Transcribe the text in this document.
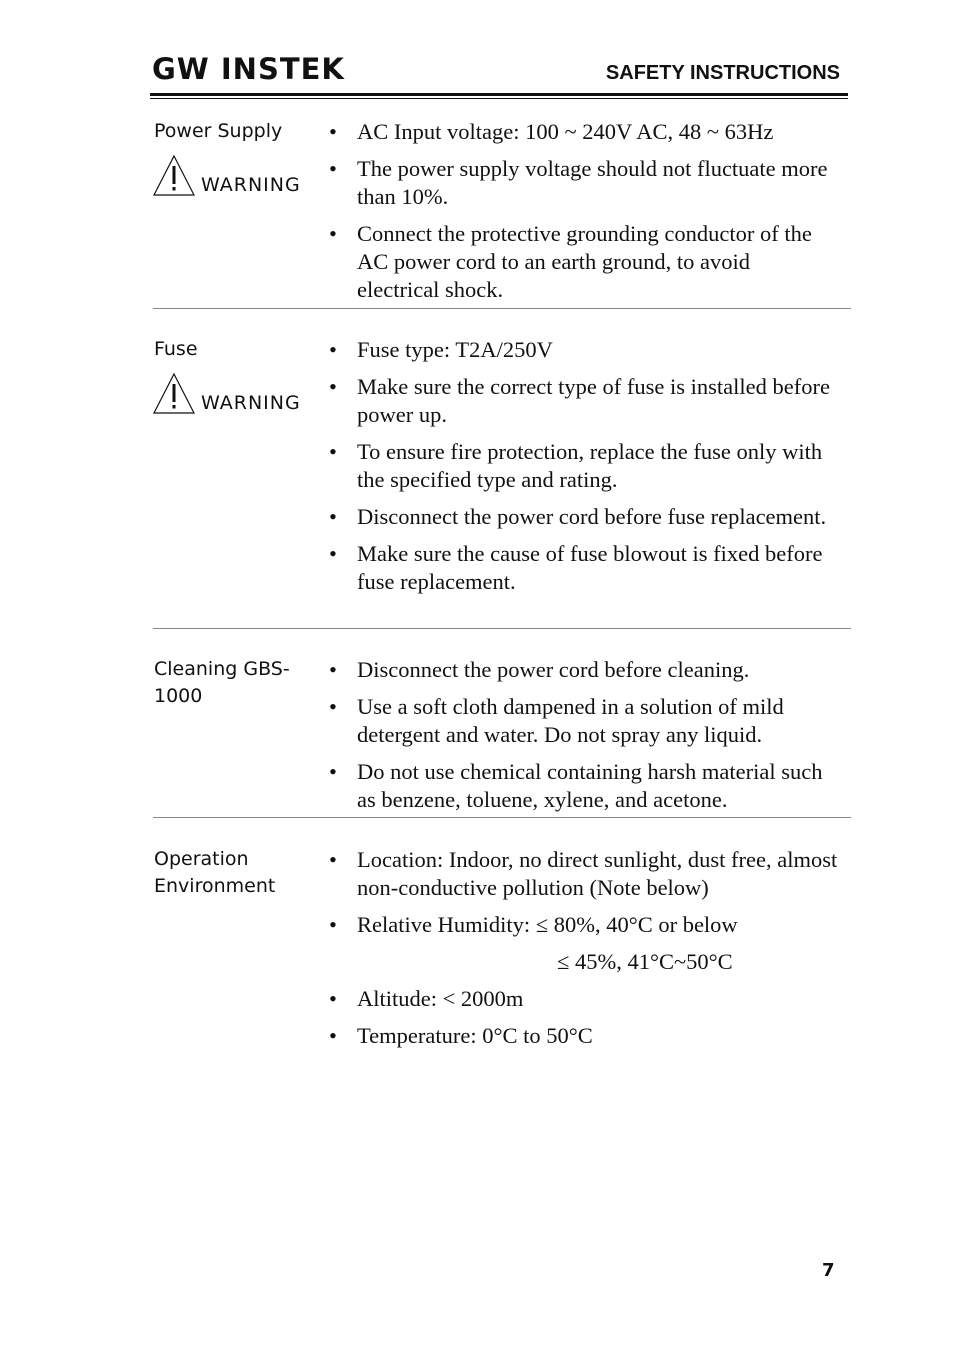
GW INSTEK	SAFETY INSTRUCTIONS
Power Supply
WARNING
• AC Input voltage: 100 ~ 240V AC, 48 ~ 63Hz
• The power supply voltage should not fluctuate more than 10%.
• Connect the protective grounding conductor of the AC power cord to an earth ground, to avoid electrical shock.
Fuse
WARNING
• Fuse type: T2A/250V
• Make sure the correct type of fuse is installed before power up.
• To ensure fire protection, replace the fuse only with the specified type and rating.
• Disconnect the power cord before fuse replacement.
• Make sure the cause of fuse blowout is fixed before fuse replacement.
Cleaning GBS-1000
• Disconnect the power cord before cleaning.
• Use a soft cloth dampened in a solution of mild detergent and water. Do not spray any liquid.
• Do not use chemical containing harsh material such as benzene, toluene, xylene, and acetone.
Operation Environment
• Location: Indoor, no direct sunlight, dust free, almost non-conductive pollution (Note below)
• Relative Humidity: ≤ 80%, 40°C or below
• Altitude: < 2000m
• Temperature: 0°C to 50°C
≤ 45%, 41°C~50°C
7
